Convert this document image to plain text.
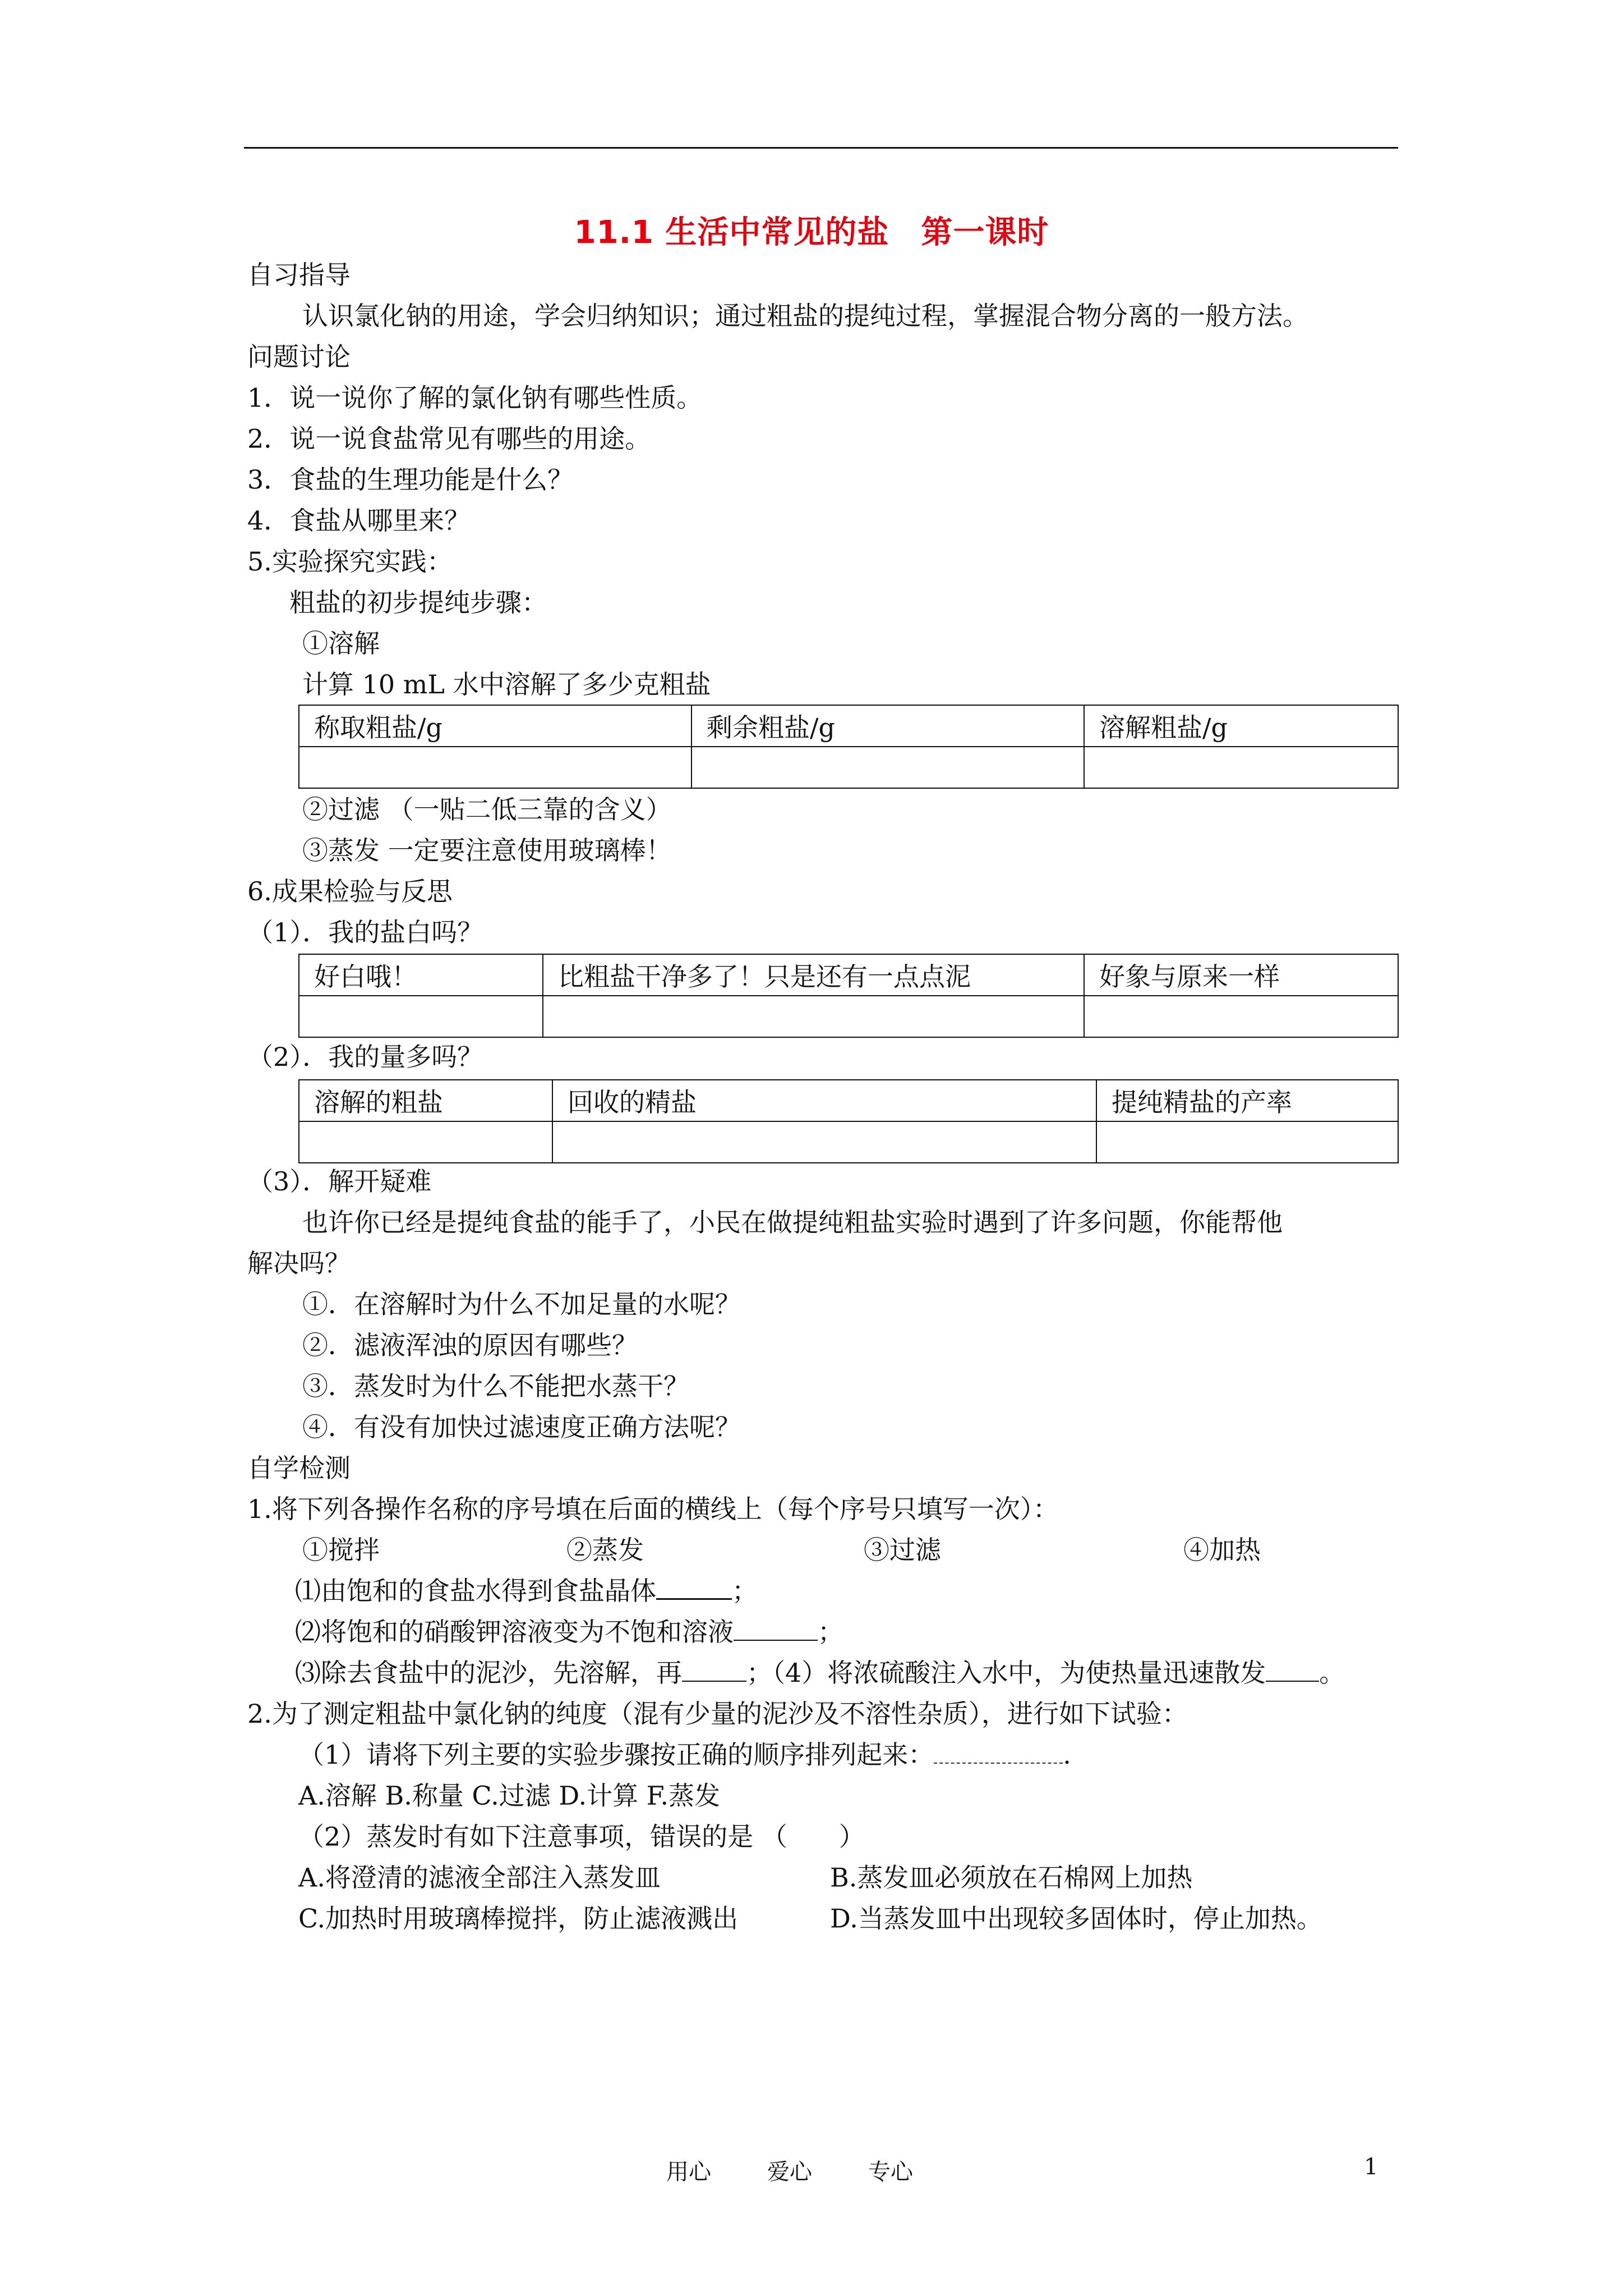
11.1 生活中常见的盐　第一课时
自习指导
认识氯化钠的用途，学会归纳知识；通过粗盐的提纯过程，掌握混合物分离的一般方法。
问题讨论
1．说一说你了解的氯化钠有哪些性质。
2．说一说食盐常见有哪些的用途。
3．食盐的生理功能是什么？
4．食盐从哪里来？
5.实验探究实践：
粗盐的初步提纯步骤：
①溶解
计算 10 mL 水中溶解了多少克粗盐
称取粗盐/g	剩余粗盐/g	溶解粗盐/g

②过滤 （一贴二低三靠的含义）
③蒸发 一定要注意使用玻璃棒！
6.成果检验与反思
（1）．我的盐白吗？
好白哦！	比粗盐干净多了！只是还有一点点泥	好象与原来一样

（2）．我的量多吗？
溶解的粗盐	回收的精盐	提纯精盐的产率

（3）．解开疑难
也许你已经是提纯食盐的能手了，小民在做提纯粗盐实验时遇到了许多问题，你能帮他
解决吗？
①．在溶解时为什么不加足量的水呢？
②．滤液浑浊的原因有哪些？
③．蒸发时为什么不能把水蒸干？
④．有没有加快过滤速度正确方法呢？
自学检测
1.将下列各操作名称的序号填在后面的横线上（每个序号只填写一次）：
①搅拌	②蒸发	③过滤	④加热
⑴由饱和的食盐水得到食盐晶体	；
⑵将饱和的硝酸钾溶液变为不饱和溶液	；
⑶除去食盐中的泥沙，先溶解，再	；（4）将浓硫酸注入水中，为使热量迅速散发 。
2.为了测定粗盐中氯化钠的纯度（混有少量的泥沙及不溶性杂质），进行如下试验：
（1）请将下列主要的实验步骤按正确的顺序排列起来：	.
A.溶解 B.称量 C.过滤 D.计算 F.蒸发
（2）蒸发时有如下注意事项，错误的是 （　　）
A.将澄清的滤液全部注入蒸发皿	B.蒸发皿必须放在石棉网上加热
C.加热时用玻璃棒搅拌，防止滤液溅出	D.当蒸发皿中出现较多固体时，停止加热。
用心	爱心	专心	1
